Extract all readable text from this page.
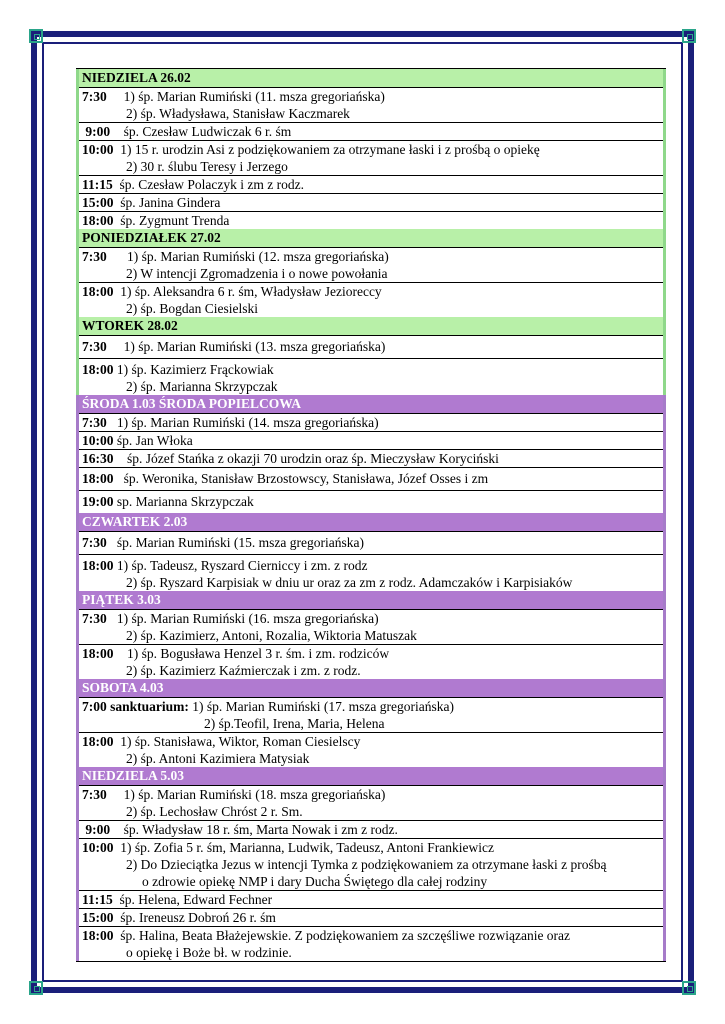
NIEDZIELA 26.02
7:30 1) śp. Marian Rumiński (11. msza gregoriańska)
2) śp. Władysława, Stanisław Kaczmarek
9:00 śp. Czesław Ludwiczak 6 r. śm
10:00 1) 15 r. urodzin Asi z podziękowaniem za otrzymane łaski i z prośbą o opiekę
2) 30 r. ślubu Teresy i Jerzego
11:15 śp. Czesław Polaczyk i zm z rodz.
15:00 śp. Janina Gindera
18:00 śp. Zygmunt Trenda
PONIEDZIAŁEK 27.02
7:30 1) śp. Marian Rumiński (12. msza gregoriańska)
2) W intencji Zgromadzenia i o nowe powołania
18:00 1) śp. Aleksandra 6 r. śm, Władysław Jezioreccy
2) śp. Bogdan Ciesielski
WTOREK 28.02
7:30 1) śp. Marian Rumiński (13. msza gregoriańska)
18:00 1) śp. Kazimierz Frąckowiak
2) śp. Marianna Skrzypczak
ŚRODA 1.03 ŚRODA POPIELCOWA
7:30 1) śp. Marian Rumiński (14. msza gregoriańska)
10:00 śp. Jan Włoka
16:30 śp. Józef Stańka z okazji 70 urodzin oraz śp. Mieczysław Koryciński
18:00 śp. Weronika, Stanisław Brzostowscy, Stanisława, Józef Osses i zm
19:00 sp. Marianna Skrzypczak
CZWARTEK 2.03
7:30 śp. Marian Rumiński (15. msza gregoriańska)
18:00 1) śp. Tadeusz, Ryszard Cierniccy i zm. z rodz
2) śp. Ryszard Karpisiak w dniu ur oraz za zm z rodz. Adamczaków i Karpisiaków
PIĄTEK 3.03
7:30 1) śp. Marian Rumiński (16. msza gregoriańska)
2) śp. Kazimierz, Antoni, Rozalia, Wiktoria Matuszak
18:00 1) śp. Bogusława Henzel 3 r. śm. i zm. rodziców
2) śp. Kazimierz Kaźmierczak i zm. z rodz.
SOBOTA 4.03
7:00 sanktuarium: 1) śp. Marian Rumiński (17. msza gregoriańska)
2) śp.Teofil, Irena, Maria, Helena
18:00 1) śp. Stanisława, Wiktor, Roman Ciesielscy
2) śp. Antoni Kazimiera Matysiak
NIEDZIELA 5.03
7:30 1) śp. Marian Rumiński (18. msza gregoriańska)
2) śp. Lechosław Chróst 2 r. Sm.
9:00 śp. Władysław 18 r. śm, Marta Nowak i zm z rodz.
10:00 1) śp. Zofia 5 r. śm, Marianna, Ludwik, Tadeusz, Antoni Frankiewicz
2) Do Dzieciątka Jezus w intencji Tymka z podziękowaniem za otrzymane łaski z prośbą
o zdrowie opiekę NMP i dary Ducha Świętego dla całej rodziny
11:15 śp. Helena, Edward Fechner
15:00 śp. Ireneusz Dobroń 26 r. śm
18:00 śp. Halina, Beata Błażejewskie. Z podziękowaniem za szczęśliwe rozwiązanie oraz
o opiekę i Boże bł. w rodzinie.
